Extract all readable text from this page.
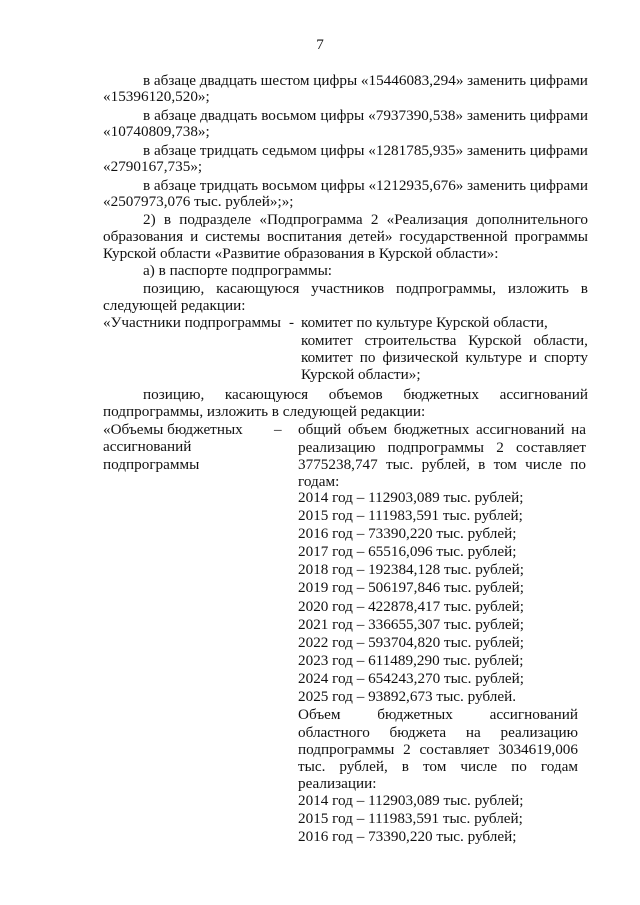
7
в абзаце двадцать шестом цифры «15446083,294» заменить цифрами
«15396120,520»;
в абзаце двадцать восьмом цифры «7937390,538» заменить цифрами
«10740809,738»;
в абзаце тридцать седьмом цифры «1281785,935» заменить цифрами
«2790167,735»;
в абзаце тридцать восьмом цифры «1212935,676» заменить цифрами
«2507973,076 тыс. рублей»;»;
2) в подразделе «Подпрограмма 2 «Реализация дополнительного
образования и системы воспитания детей» государственной программы
Курской области «Развитие образования в Курской области»:
а) в паспорте подпрограммы:
позицию, касающуюся участников подпрограммы, изложить в
следующей редакции:
«Участники подпрограммы - комитет по культуре Курской области,
комитет строительства Курской области,
комитет по физической культуре и спорту
Курской области»;
позицию, касающуюся объемов бюджетных ассигнований
подпрограммы, изложить в следующей редакции:
«Объемы бюджетных
ассигнований
подпрограммы
– общий объем бюджетных ассигнований на
реализацию подпрограммы 2 составляет
3775238,747 тыс. рублей, в том числе по
годам:
2014 год – 112903,089 тыс. рублей;
2015 год – 111983,591 тыс. рублей;
2016 год – 73390,220 тыс. рублей;
2017 год – 65516,096 тыс. рублей;
2018 год – 192384,128 тыс. рублей;
2019 год – 506197,846 тыс. рублей;
2020 год – 422878,417 тыс. рублей;
2021 год – 336655,307 тыс. рублей;
2022 год – 593704,820 тыс. рублей;
2023 год – 611489,290 тыс. рублей;
2024 год – 654243,270 тыс. рублей;
2025 год – 93892,673 тыс. рублей.
Объем бюджетных ассигнований
областного бюджета на реализацию
подпрограммы 2 составляет 3034619,006
тыс. рублей, в том числе по годам
реализации:
2014 год – 112903,089 тыс. рублей;
2015 год – 111983,591 тыс. рублей;
2016 год – 73390,220 тыс. рублей;
